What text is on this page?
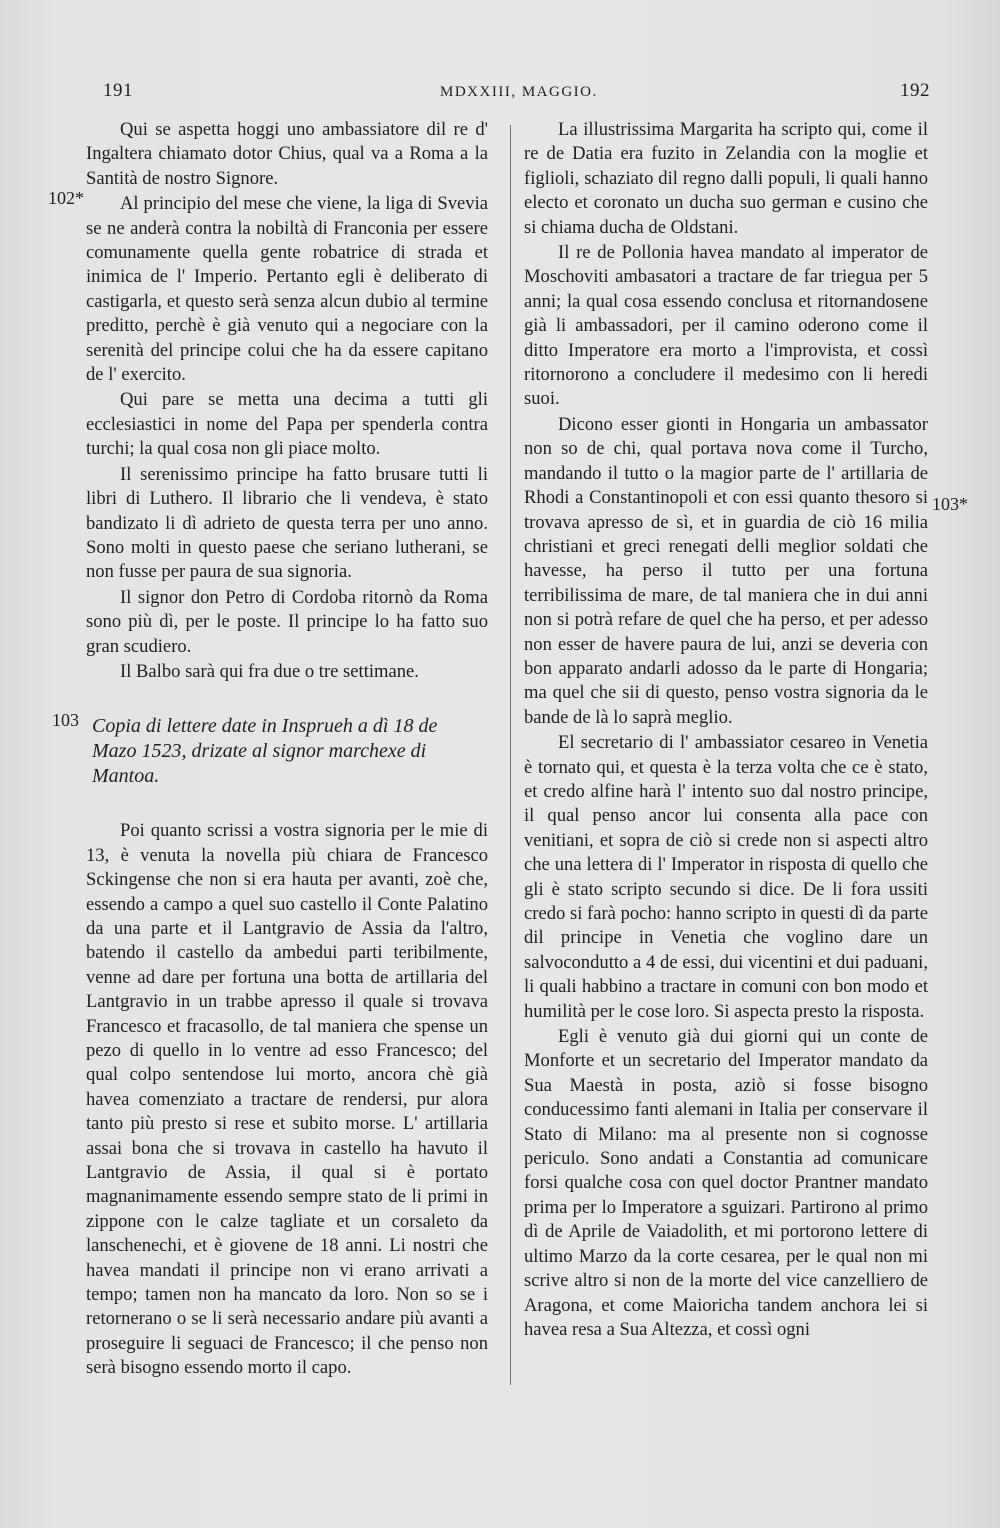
191	MDXXIII, MAGGIO.	192
102*
103
103*

Qui se aspetta hoggi uno ambassiatore dil re d' Ingaltera chiamato dotor Chius, qual va a Roma a la Santità de nostro Signore.

Al principio del mese che viene, la liga di Svevia se ne anderà contra la nobiltà di Franconia per essere comunamente quella gente robatrice di strada et inimica de l' Imperio. Pertanto egli è deliberato di castigarla, et questo serà senza alcun dubio al termine preditto, perchè è già venuto qui a negociare con la serenità del principe colui che ha da essere capitano de l' exercito.

Qui pare se metta una decima a tutti gli ecclesiastici in nome del Papa per spenderla contra turchi; la qual cosa non gli piace molto.

Il serenissimo principe ha fatto brusare tutti li libri di Luthero. Il librario che li vendeva, è stato bandizato li dì adrieto de questa terra per uno anno. Sono molti in questo paese che seriano lutherani, se non fusse per paura de sua signoria.

Il signor don Petro di Cordoba ritornò da Roma sono più dì, per le poste. Il principe lo ha fatto suo gran scudiero.

Il Balbo sarà qui fra due o tre settimane.

Copia di lettere date in Insprueh a dì 18 de
Mazo 1523, drizate al signor marchexe di Mantoa.

Poi quanto scrissi a vostra signoria per le mie di 13, è venuta la novella più chiara de Francesco Sckingense che non si era hauta per avanti, zoè che, essendo a campo a quel suo castello il Conte Palatino da una parte et il Lantgravio de Assia da l'altro, batendo il castello da ambedui parti teribilmente, venne ad dare per fortuna una botta de artillaria del Lantgravio in un trabbe apresso il quale si trovava Francesco et fracasollo, de tal maniera che spense un pezo di quello in lo ventre ad esso Francesco; del qual colpo sentendose lui morto, ancora chè già havea comenziato a tractare de rendersi, pur alora tanto più presto si rese et subito morse. L' artillaria assai bona che si trovava in castello ha havuto il Lantgravio de Assia, il qual si è portato magnanimamente essendo sempre stato de li primi in zippone con le calze tagliate et un corsaleto da lanschenechi, et è giovene de 18 anni. Li nostri che havea mandati il principe non vi erano arrivati a tempo; tamen non ha mancato da loro. Non so se i retornerano o se li serà necessario andare più avanti a proseguire li seguaci de Francesco; il che penso non serà bisogno essendo morto il capo.

La illustrissima Margarita ha scripto qui, come il re de Datia era fuzito in Zelandia con la moglie et figlioli, schaziato dil regno dalli populi, li quali hanno electo et coronato un ducha suo german e cusino che si chiama ducha de Oldstani.

Il re de Pollonia havea mandato al imperator de Moschoviti ambasatori a tractare de far triegua per 5 anni; la qual cosa essendo conclusa et ritornandosene già li ambassadori, per il camino oderono come il ditto Imperatore era morto a l'improvista, et cossì ritornorono a concludere il medesimo con li heredi suoi.

Dicono esser gionti in Hongaria un ambassator non so de chi, qual portava nova come il Turcho, mandando il tutto o la magior parte de l' artillaria de Rhodi a Constantinopoli et con essi quanto thesoro si trovava apresso de sì, et in guardia de ciò 16 milia christiani et greci renegati delli meglior soldati che havesse, ha perso il tutto per una fortuna terribilissima de mare, de tal maniera che in dui anni non si potrà refare de quel che ha perso, et per adesso non esser de havere paura de lui, anzi se deveria con bon apparato andarli adosso da le parte di Hongaria; ma quel che sii di questo, penso vostra signoria da le bande de là lo saprà meglio.

El secretario di l' ambassiator cesareo in Venetia è tornato qui, et questa è la terza volta che ce è stato, et credo alfine harà l' intento suo dal nostro principe, il qual penso ancor lui consenta alla pace con venitiani, et sopra de ciò si crede non si aspecti altro che una lettera di l' Imperator in risposta di quello che gli è stato scripto secundo si dice. De li fora ussiti credo si farà pocho: hanno scripto in questi dì da parte dil principe in Venetia che voglino dare un salvocondutto a 4 de essi, dui vicentini et dui paduani, li quali habbino a tractare in comuni con bon modo et humilità per le cose loro. Si aspecta presto la risposta.

Egli è venuto già dui giorni qui un conte de Monforte et un secretario del Imperator mandato da Sua Maestà in posta, aziò si fosse bisogno conducessimo fanti alemani in Italia per conservare il Stato di Milano: ma al presente non si cognosse periculo. Sono andati a Constantia ad comunicare forsi qualche cosa con quel doctor Prantner mandato prima per lo Imperatore a sguizari. Partirono al primo dì de Aprile de Vaiadolith, et mi portorono lettere di ultimo Marzo da la corte cesarea, per le qual non mi scrive altro si non de la morte del vice canzelliero de Aragona, et come Maioricha tandem anchora lei si havea resa a Sua Altezza, et cossì ogni
